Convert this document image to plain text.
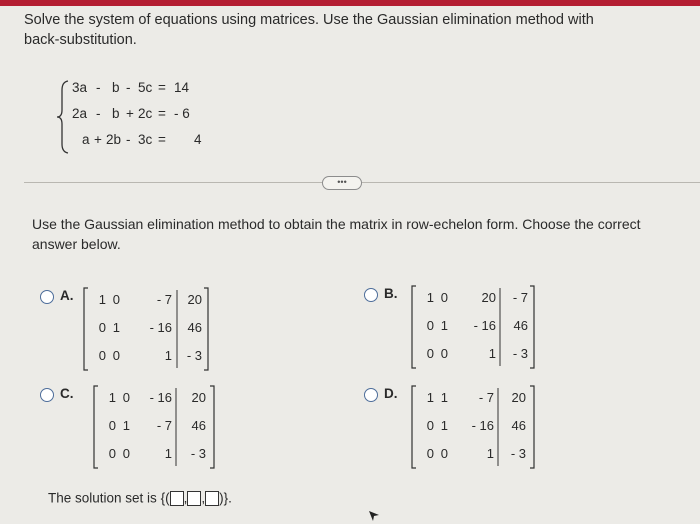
Solve the system of equations using matrices. Use the Gaussian elimination method with
back-substitution.
3a - b - 5c = 14
2a - b + 2c = - 6
a + 2b - 3c = 4
•••
Use the Gaussian elimination method to obtain the matrix in row-echelon form. Choose the correct
answer below.
A.	1 0	- 7	20
0 1	- 16	46
0 0	1	- 3
B.	1 0	20	- 7
0 1	- 16	46
0 0	1	- 3
C.	1 0	- 16	20
0 1	- 7	46
0 0	1	- 3
D.	1 1	- 7	20
0 1	- 16	46
0 0	1	- 3
The solution set is {( , , )}.
